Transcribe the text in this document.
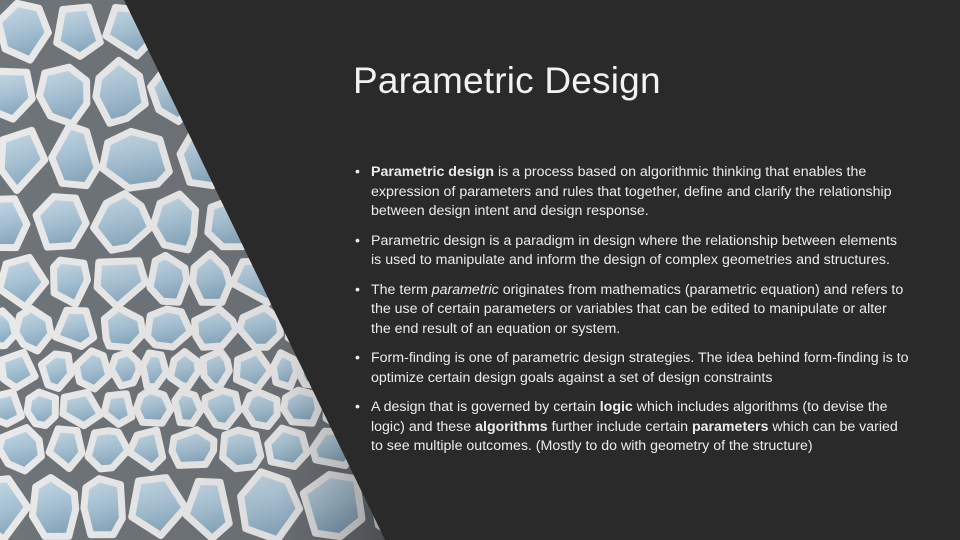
Parametric Design
• Parametric design is a process based on algorithmic thinking that enables the expression of parameters and rules that together, define and clarify the relationship between design intent and design response.
• Parametric design is a paradigm in design where the relationship between elements is used to manipulate and inform the design of complex geometries and structures.
• The term parametric originates from mathematics (parametric equation) and refers to the use of certain parameters or variables that can be edited to manipulate or alter the end result of an equation or system.
• Form-finding is one of parametric design strategies. The idea behind form-finding is to optimize certain design goals against a set of design constraints
• A design that is governed by certain logic which includes algorithms (to devise the logic) and these algorithms further include certain parameters which can be varied to see multiple outcomes. (Mostly to do with geometry of the structure)
